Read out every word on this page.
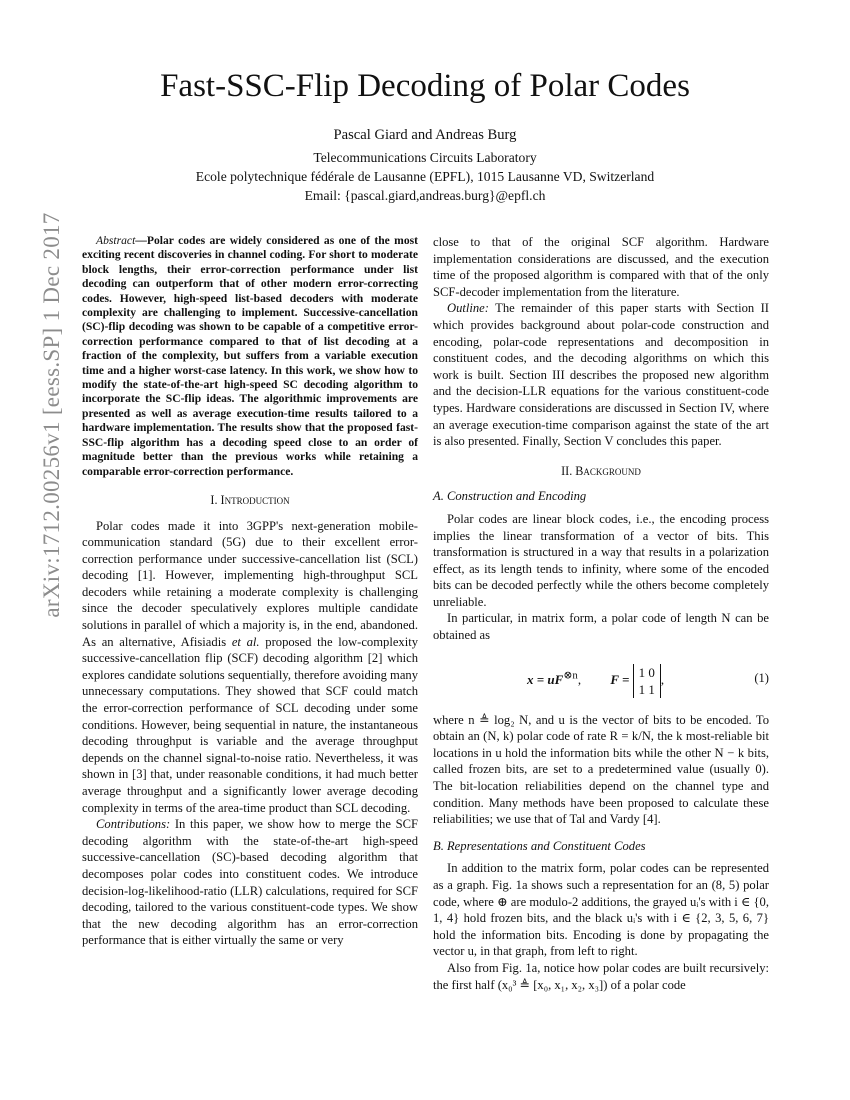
arXiv:1712.00256v1 [eess.SP] 1 Dec 2017
Fast-SSC-Flip Decoding of Polar Codes
Pascal Giard and Andreas Burg
Telecommunications Circuits Laboratory
Ecole polytechnique fédérale de Lausanne (EPFL), 1015 Lausanne VD, Switzerland
Email: {pascal.giard,andreas.burg}@epfl.ch

Abstract—Polar codes are widely considered as one of the most exciting recent discoveries in channel coding. For short to moderate block lengths, their error-correction performance under list decoding can outperform that of other modern error-correcting codes. However, high-speed list-based decoders with moderate complexity are challenging to implement. Successive-cancellation (SC)-flip decoding was shown to be capable of a competitive error-correction performance compared to that of list decoding at a fraction of the complexity, but suffers from a variable execution time and a higher worst-case latency. In this work, we show how to modify the state-of-the-art high-speed SC decoding algorithm to incorporate the SC-flip ideas. The algorithmic improvements are presented as well as average execution-time results tailored to a hardware implementation. The results show that the proposed fast-SSC-flip algorithm has a decoding speed close to an order of magnitude better than the previous works while retaining a comparable error-correction performance.

I. Introduction

Polar codes made it into 3GPP's next-generation mobile-communication standard (5G) due to their excellent error-correction performance under successive-cancellation list (SCL) decoding [1]. However, implementing high-throughput SCL decoders while retaining a moderate complexity is challenging since the decoder speculatively explores multiple candidate solutions in parallel of which a majority is, in the end, abandoned. As an alternative, Afisiadis et al. proposed the low-complexity successive-cancellation flip (SCF) decoding algorithm [2] which explores candidate solutions sequentially, therefore avoiding many unnecessary computations. They showed that SCF could match the error-correction performance of SCL decoding under some conditions. However, being sequential in nature, the instantaneous decoding throughput is variable and the average throughput depends on the channel signal-to-noise ratio. Nevertheless, it was shown in [3] that, under reasonable conditions, it had much better average throughput and a significantly lower average decoding complexity in terms of the area-time product than SCL decoding.

Contributions: In this paper, we show how to merge the SCF decoding algorithm with the state-of-the-art high-speed successive-cancellation (SC)-based decoding algorithm that decomposes polar codes into constituent codes. We introduce decision-log-likelihood-ratio (LLR) calculations, required for SCF decoding, tailored to the various constituent-code types. We show that the new decoding algorithm has an error-correction performance that is either virtually the same or very

close to that of the original SCF algorithm. Hardware implementation considerations are discussed, and the execution time of the proposed algorithm is compared with that of the only SCF-decoder implementation from the literature.

Outline: The remainder of this paper starts with Section II which provides background about polar-code construction and encoding, polar-code representations and decomposition in constituent codes, and the decoding algorithms on which this work is built. Section III describes the proposed new algorithm and the decision-LLR equations for the various constituent-code types. Hardware considerations are discussed in Section IV, where an average execution-time comparison against the state of the art is also presented. Finally, Section V concludes this paper.

II. Background
A. Construction and Encoding

Polar codes are linear block codes, i.e., the encoding process implies the linear transformation of a vector of bits. This transformation is structured in a way that results in a polarization effect, as its length tends to infinity, where some of the encoded bits can be decoded perfectly while the others become completely unreliable.

In particular, in matrix form, a polar code of length N can be obtained as

$x = uF^{\otimes n}$,         F = 1 0
1 1,	(1)

where n ≜ log₂ N, and u is the vector of bits to be encoded. To obtain an (N, k) polar code of rate R = k/N, the k most-reliable bit locations in u hold the information bits while the other N − k bits, called frozen bits, are set to a predetermined value (usually 0). The bit-location reliabilities depend on the channel type and condition. Many methods have been proposed to calculate these reliabilities; we use that of Tal and Vardy [4].

B. Representations and Constituent Codes

In addition to the matrix form, polar codes can be represented as a graph. Fig. 1a shows such a representation for an (8, 5) polar code, where ⊕ are modulo-2 additions, the grayed uᵢ's with i ∈ {0, 1, 4} hold frozen bits, and the black uᵢ's with i ∈ {2, 3, 5, 6, 7} hold the information bits. Encoding is done by propagating the vector u, in that graph, from left to right.

Also from Fig. 1a, notice how polar codes are built recursively: the first half (x₀³ ≜ [x₀, x₁, x₂, x₃]) of a polar code
